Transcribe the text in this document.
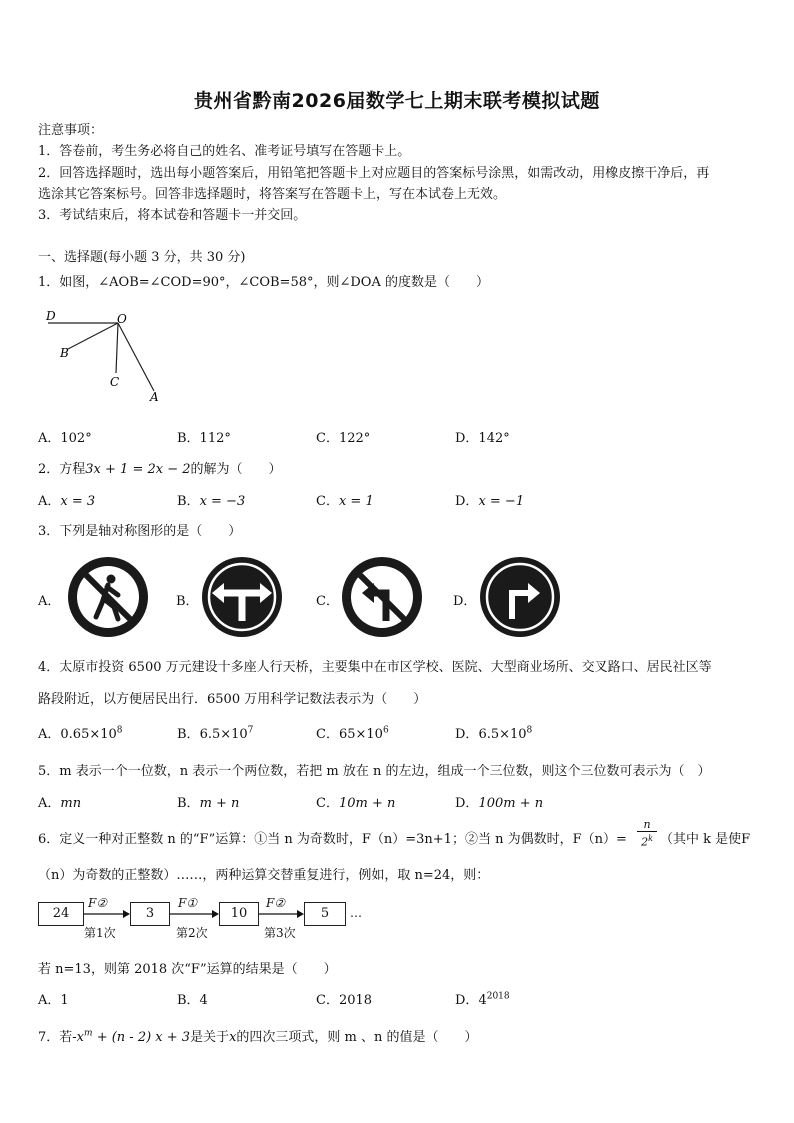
贵州省黔南2026届数学七上期末联考模拟试题
注意事项：
1．答卷前，考生务必将自己的姓名、准考证号填写在答题卡上。
2．回答选择题时，选出每小题答案后，用铅笔把答题卡上对应题目的答案标号涂黑，如需改动，用橡皮擦干净后，再
选涂其它答案标号。回答非选择题时，将答案写在答题卡上，写在本试卷上无效。
3．考试结束后，将本试卷和答题卡一并交回。
一、选择题(每小题 3 分，共 30 分)
1．如图，∠AOB=∠COD=90°，∠COB=58°，则∠DOA 的度数是（　　）
D	O
B
C
A
A．102°	B．112°	C．122°	D．142°
2．方程3x + 1 = 2x − 2的解为（　　）
A．x = 3	B．x = −3	C．x = 1	D．x = −1
3．下列是轴对称图形的是（　　）
A．	B．	C．	D．
4．太原市投资 6500 万元建设十多座人行天桥，主要集中在市区学校、医院、大型商业场所、交叉路口、居民社区等
路段附近，以方便居民出行．6500 万用科学记数法表示为（　　）
A．$0.65\times 10^8$	B．$6.5\times 10^7$	C．$65\times 10^6$	D．$6.5\times 10^8$
5．m 表示一个一位数，n 表示一个两位数，若把 m 放在 n 的左边，组成一个三位数，则这个三位数可表示为（　）
A．mn	B．m + n	C．10m + n	D．100m + n
6．定义一种对正整数 n 的“F”运算：①当 n 为奇数时，F（n）=3n+1；②当 n 为偶数时，F（n）=
n
2$^k$ （其中 k 是使F
（n）为奇数的正整数）……，两种运算交替重复进行，例如，取 n=24，则：
24	3	10	5	…
F②	F①	F②
第1次	第2次	第3次
若 n=13，则第 2018 次“F”运算的结果是（　　）
A．1	B．4	C．2018	D．$4^{2018}$
7．若$-x^m + (n - 2) x + 3$是关于x的四次三项式，则 m 、n 的值是（　　）
